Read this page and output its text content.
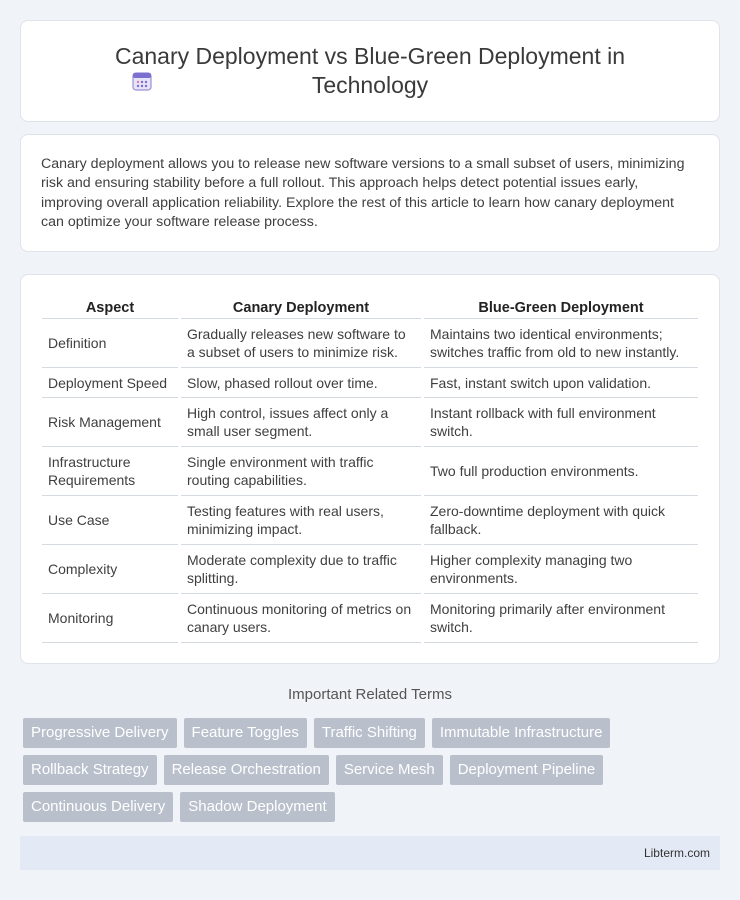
Canary Deployment vs Blue-Green Deployment in Technology

Canary deployment allows you to release new software versions to a small subset of users, minimizing risk and ensuring stability before a full rollout. This approach helps detect potential issues early, improving overall application reliability. Explore the rest of this article to learn how canary deployment can optimize your software release process.

Aspect	Canary Deployment	Blue-Green Deployment
Definition	Gradually releases new software to a subset of users to minimize risk.	Maintains two identical environments; switches traffic from old to new instantly.
Deployment Speed	Slow, phased rollout over time.	Fast, instant switch upon validation.
Risk Management	High control, issues affect only a small user segment.	Instant rollback with full environment switch.
Infrastructure Requirements	Single environment with traffic routing capabilities.	Two full production environments.
Use Case	Testing features with real users, minimizing impact.	Zero-downtime deployment with quick fallback.
Complexity	Moderate complexity due to traffic splitting.	Higher complexity managing two environments.
Monitoring	Continuous monitoring of metrics on canary users.	Monitoring primarily after environment switch.
Important Related Terms
Progressive Delivery	Feature Toggles	Traffic Shifting	Immutable Infrastructure
Rollback Strategy	Release Orchestration	Service Mesh	Deployment Pipeline
Continuous Delivery	Shadow Deployment
Libterm.com
